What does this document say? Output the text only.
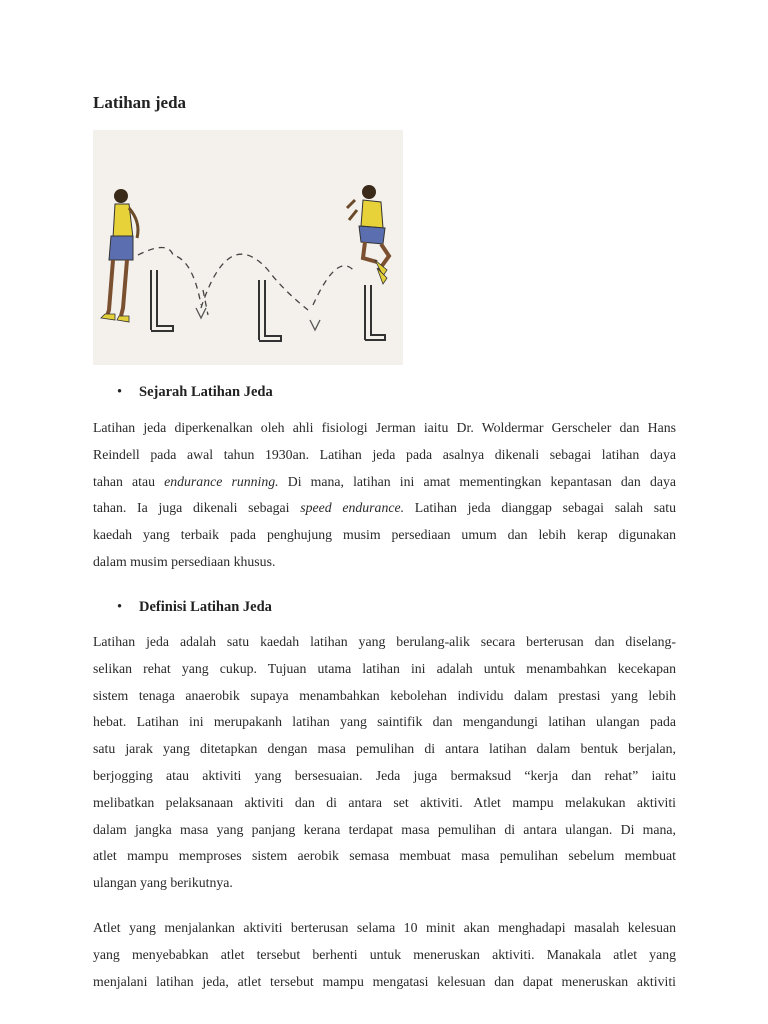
Latihan jeda
• Sejarah Latihan Jeda

Latihan jeda diperkenalkan oleh ahli fisiologi Jerman iaitu Dr. Woldermar Gerscheler dan Hans
Reindell pada awal tahun 1930an. Latihan jeda pada asalnya dikenali sebagai latihan daya
tahan atau endurance running. Di mana, latihan ini amat mementingkan kepantasan dan daya
tahan. Ia juga dikenali sebagai speed endurance. Latihan jeda dianggap sebagai salah satu
kaedah yang terbaik pada penghujung musim persediaan umum dan lebih kerap digunakan
dalam musim persediaan khusus.

• Definisi Latihan Jeda

Latihan jeda adalah satu kaedah latihan yang berulang-alik secara berterusan dan diselang-
selikan rehat yang cukup. Tujuan utama latihan ini adalah untuk menambahkan kecekapan
sistem tenaga anaerobik supaya menambahkan kebolehan individu dalam prestasi yang lebih
hebat. Latihan ini merupakanh latihan yang saintifik dan mengandungi latihan ulangan pada
satu jarak yang ditetapkan dengan masa pemulihan di antara latihan dalam bentuk berjalan,
berjogging atau aktiviti yang bersesuaian. Jeda juga bermaksud “kerja dan rehat” iaitu
melibatkan pelaksanaan aktiviti dan di antara set aktiviti. Atlet mampu melakukan aktiviti
dalam jangka masa yang panjang kerana terdapat masa pemulihan di antara ulangan. Di mana,
atlet mampu memproses sistem aerobik semasa membuat masa pemulihan sebelum membuat
ulangan yang berikutnya.

Atlet yang menjalankan aktiviti berterusan selama 10 minit akan menghadapi masalah kelesuan
yang menyebabkan atlet tersebut berhenti untuk meneruskan aktiviti. Manakala atlet yang
menjalani latihan jeda, atlet tersebut mampu mengatasi kelesuan dan dapat meneruskan aktiviti
